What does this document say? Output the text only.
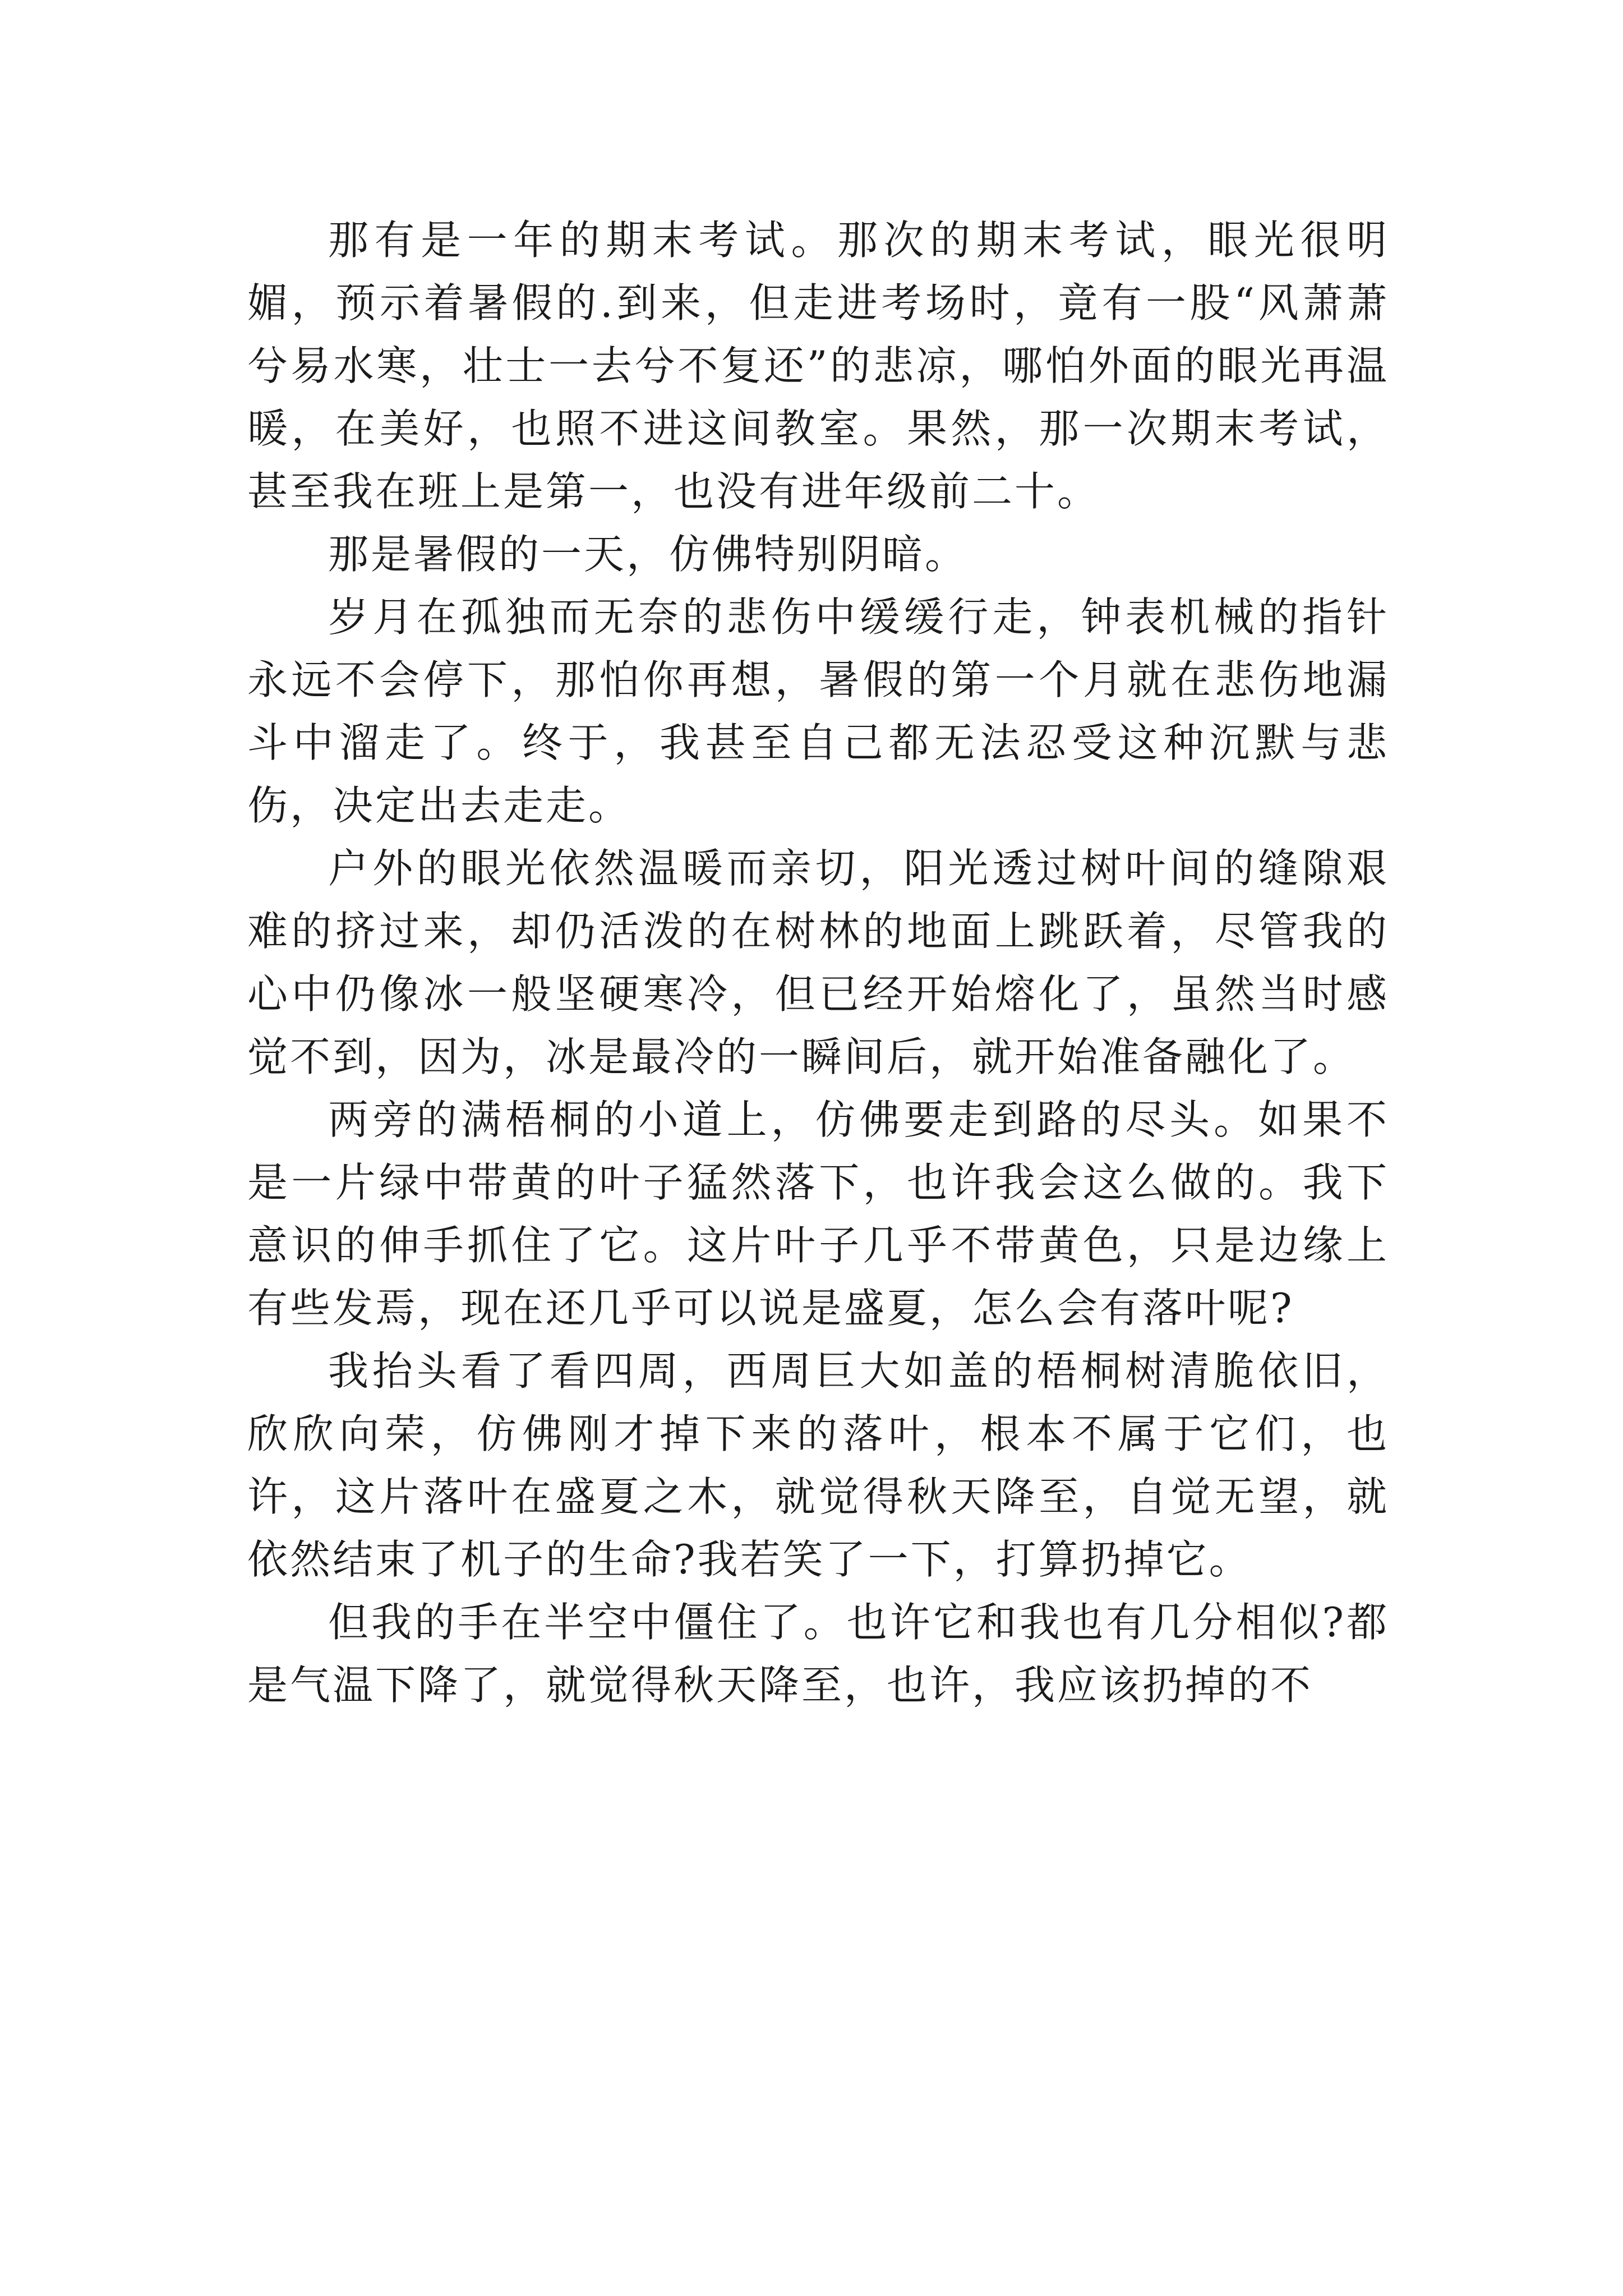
那有是一年的期末考试。那次的期末考试，眼光很明媚，预示着暑假的.到来，但走进考场时，竟有一股“风萧萧兮易水寒，壮士一去兮不复还”的悲凉，哪怕外面的眼光再温暖，在美好，也照不进这间教室。果然，那一次期末考试，甚至我在班上是第一，也没有进年级前二十。

那是暑假的一天，仿佛特别阴暗。

岁月在孤独而无奈的悲伤中缓缓行走，钟表机械的指针永远不会停下，那怕你再想，暑假的第一个月就在悲伤地漏斗中溜走了。终于，我甚至自己都无法忍受这种沉默与悲伤，决定出去走走。

户外的眼光依然温暖而亲切，阳光透过树叶间的缝隙艰难的挤过来，却仍活泼的在树林的地面上跳跃着，尽管我的心中仍像冰一般坚硬寒冷，但已经开始熔化了，虽然当时感觉不到，因为，冰是最冷的一瞬间后，就开始准备融化了。

两旁的满梧桐的小道上，仿佛要走到路的尽头。如果不是一片绿中带黄的叶子猛然落下，也许我会这么做的。我下意识的伸手抓住了它。这片叶子几乎不带黄色，只是边缘上有些发焉，现在还几乎可以说是盛夏，怎么会有落叶呢?

我抬头看了看四周，西周巨大如盖的梧桐树清脆依旧，欣欣向荣，仿佛刚才掉下来的落叶，根本不属于它们，也许，这片落叶在盛夏之木，就觉得秋天降至，自觉无望，就依然结束了机子的生命?我若笑了一下，打算扔掉它。

但我的手在半空中僵住了。也许它和我也有几分相似?都是气温下降了，就觉得秋天降至，也许，我应该扔掉的不
